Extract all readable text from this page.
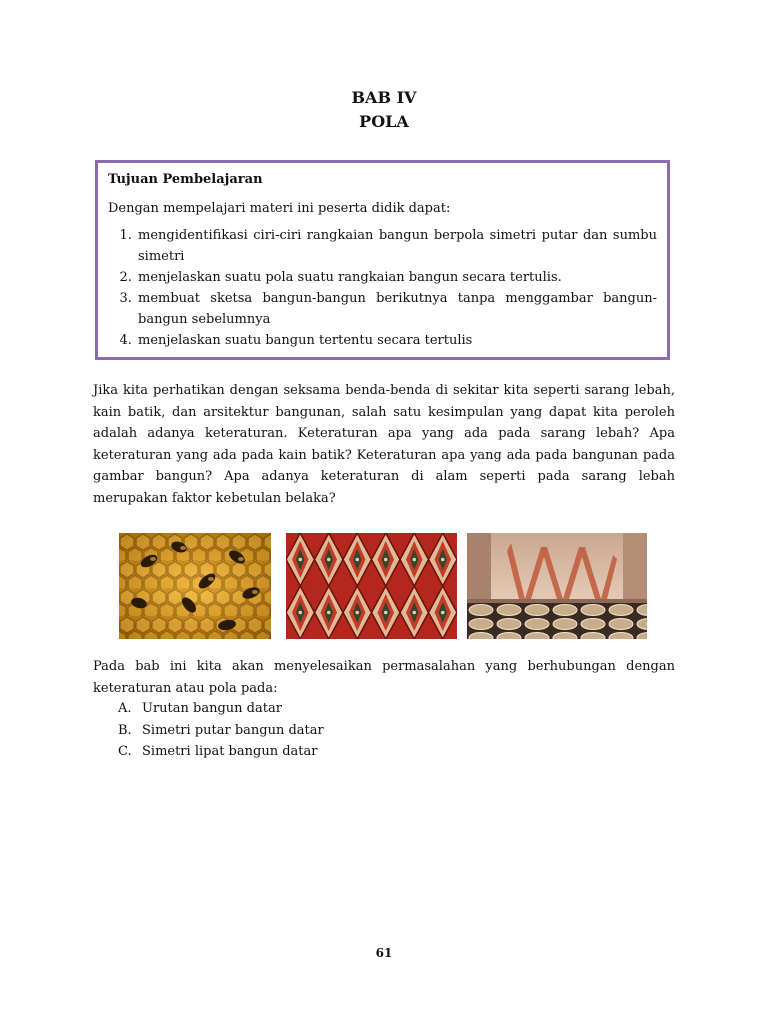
BAB IV
POLA

Tujuan Pembelajaran

Dengan mempelajari materi ini peserta didik dapat:

1. mengidentifikasi ciri-ciri rangkaian bangun berpola simetri putar dan sumbu simetri
2. menjelaskan suatu pola suatu rangkaian bangun secara tertulis.
3. membuat sketsa bangun-bangun berikutnya tanpa menggambar bangun-bangun sebelumnya
4. menjelaskan suatu bangun tertentu secara tertulis

Jika kita perhatikan dengan seksama benda-benda di sekitar kita seperti sarang lebah, kain batik, dan arsitektur bangunan, salah satu kesimpulan yang dapat kita peroleh adalah adanya keteraturan. Keteraturan apa yang ada pada sarang lebah? Apa keteraturan yang ada pada kain batik? Keteraturan apa yang ada pada bangunan pada gambar bangun? Apa adanya keteraturan di alam seperti pada sarang lebah merupakan faktor kebetulan belaka?

Pada bab ini kita akan menyelesaikan permasalahan yang berhubungan dengan keteraturan atau pola pada:

A. Urutan bangun datar
B. Simetri putar bangun datar
C. Simetri lipat bangun datar
61
